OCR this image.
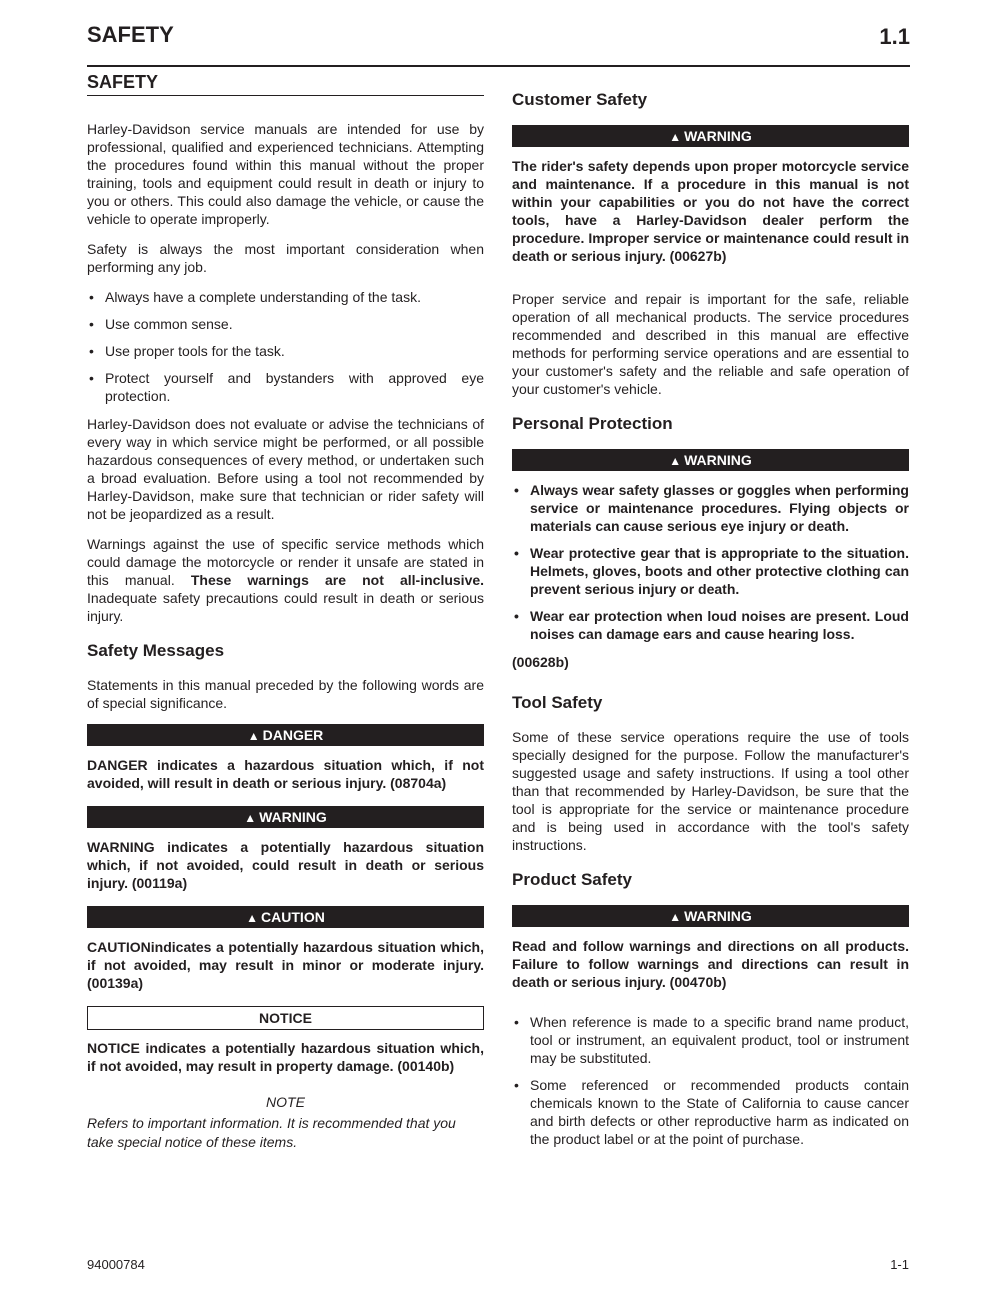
SAFETY	1.1
SAFETY

Harley-Davidson service manuals are intended for use by professional, qualified and experienced technicians. Attempting the procedures found within this manual without the proper training, tools and equipment could result in death or injury to you or others. This could also damage the vehicle, or cause the vehicle to operate improperly.

Safety is always the most important consideration when performing any job.

• Always have a complete understanding of the task.
• Use common sense.
• Use proper tools for the task.
• Protect yourself and bystanders with approved eye protection.

Harley-Davidson does not evaluate or advise the technicians of every way in which service might be performed, or all possible hazardous consequences of every method, or undertaken such a broad evaluation. Before using a tool not recommended by Harley-Davidson, make sure that technician or rider safety will not be jeopardized as a result.

Warnings against the use of specific service methods which could damage the motorcycle or render it unsafe are stated in this manual. These warnings are not all-inclusive. Inadequate safety precautions could result in death or serious injury.

Safety Messages

Statements in this manual preceded by the following words are of special significance.

▲ DANGER
DANGER indicates a hazardous situation which, if not avoided, will result in death or serious injury. (08704a)
▲ WARNING
WARNING indicates a potentially hazardous situation which, if not avoided, could result in death or serious injury. (00119a)
▲ CAUTION
CAUTIONindicates a potentially hazardous situation which, if not avoided, may result in minor or moderate injury. (00139a)
NOTICE
NOTICE indicates a potentially hazardous situation which, if not avoided, may result in property damage. (00140b)
NOTE
Refers to important information. It is recommended that you take special notice of these items.
Customer Safety
▲ WARNING
The rider's safety depends upon proper motorcycle service and maintenance. If a procedure in this manual is not within your capabilities or you do not have the correct tools, have a Harley-Davidson dealer perform the procedure. Improper service or maintenance could result in death or serious injury. (00627b)

Proper service and repair is important for the safe, reliable operation of all mechanical products. The service procedures recommended and described in this manual are effective methods for performing service operations and are essential to your customer's safety and the reliable and safe operation of your customer's vehicle.

Personal Protection
▲ WARNING
• Always wear safety glasses or goggles when performing service or maintenance procedures. Flying objects or materials can cause serious eye injury or death.
• Wear protective gear that is appropriate to the situation. Helmets, gloves, boots and other protective clothing can prevent serious injury or death.
• Wear ear protection when loud noises are present. Loud noises can damage ears and cause hearing loss.
(00628b)
Tool Safety

Some of these service operations require the use of tools specially designed for the purpose. Follow the manufacturer's suggested usage and safety instructions. If using a tool other than that recommended by Harley-Davidson, be sure that the tool is appropriate for the service or maintenance procedure and is being used in accordance with the tool's safety instructions.

Product Safety
▲ WARNING
Read and follow warnings and directions on all products. Failure to follow warnings and directions can result in death or serious injury. (00470b)
• When reference is made to a specific brand name product, tool or instrument, an equivalent product, tool or instrument may be substituted.
• Some referenced or recommended products contain chemicals known to the State of California to cause cancer and birth defects or other reproductive harm as indicated on the product label or at the point of purchase.
94000784	1-1
